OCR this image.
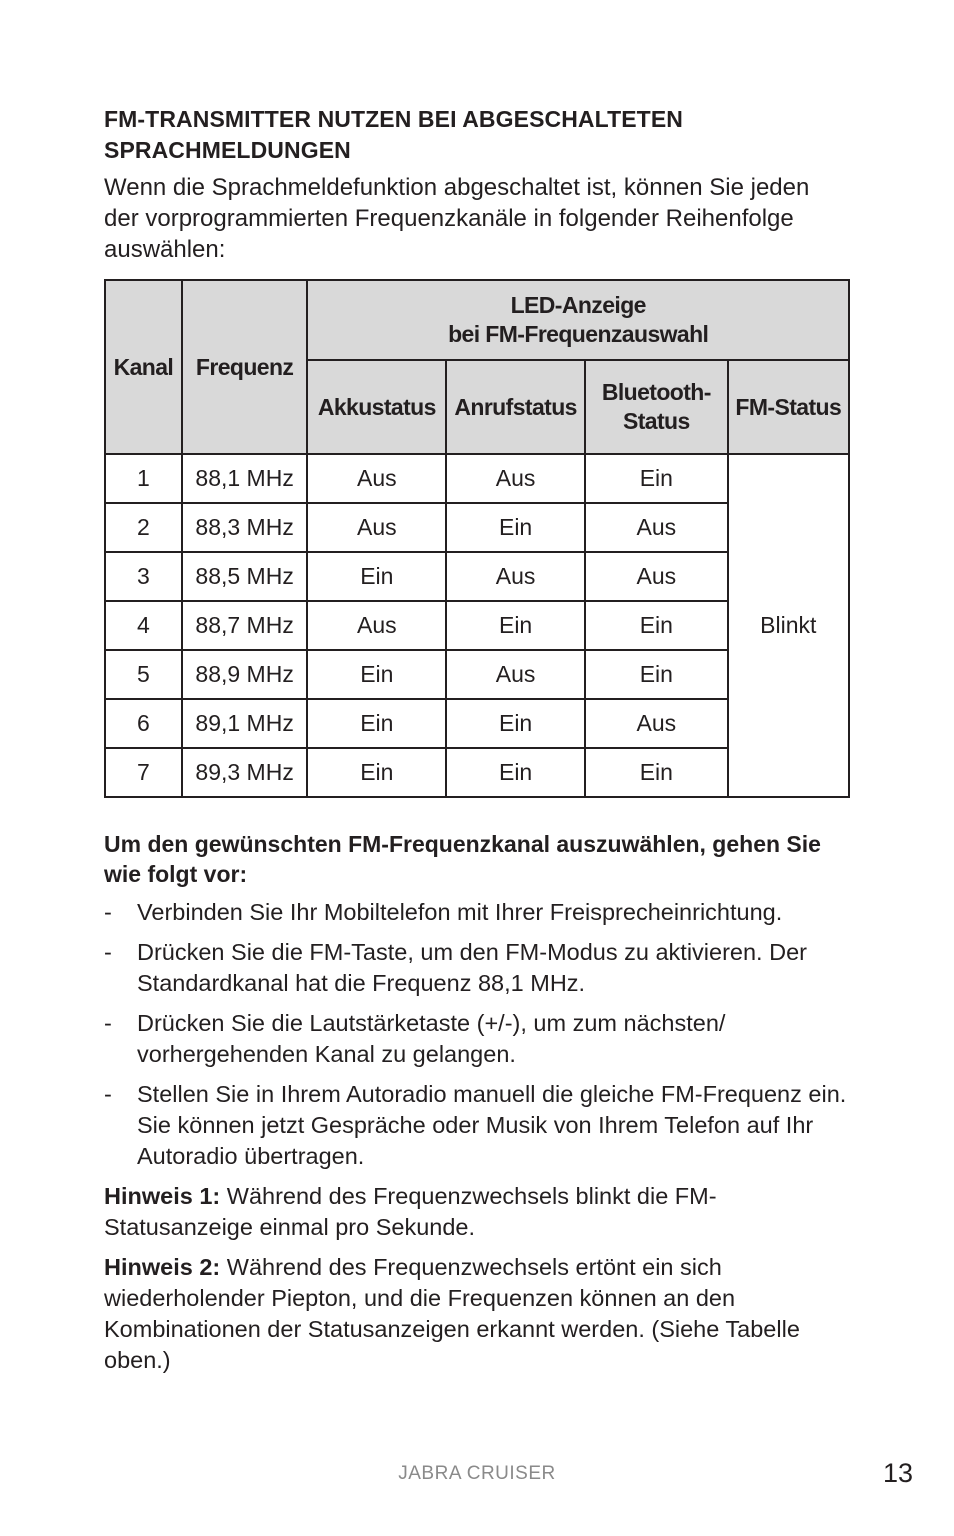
FM-TRANSMITTER NUTZEN BEI ABGESCHALTETEN SPRACHMELDUNGEN

Wenn die Sprachmeldefunktion abgeschaltet ist, können Sie jeden der vorprogrammierten Frequenzkanäle in folgender Reihenfolge auswählen:

Kanal	Frequenz	LED-Anzeige
bei FM-Frequenzauswahl			

		Akkustatus	Anrufstatus	Bluetooth-
Status	FM-Status
1	88,1 MHz	Aus	Aus	Ein	Blinkt
2	88,3 MHz	Aus	Ein	Aus	
3	88,5 MHz	Ein	Aus	Aus	
4	88,7 MHz	Aus	Ein	Ein	
5	88,9 MHz	Ein	Aus	Ein	
6	89,1 MHz	Ein	Ein	Aus	
7	89,3 MHz	Ein	Ein	Ein	

Um den gewünschten FM-Frequenzkanal auszuwählen, gehen Sie wie folgt vor:

- Verbinden Sie Ihr Mobiltelefon mit Ihrer Freisprecheinrichtung.
- Drücken Sie die FM-Taste, um den FM-Modus zu aktivieren. Der Standardkanal hat die Frequenz 88,1 MHz.
- Drücken Sie die Lautstärketaste (+/-), um zum nächsten/ vorhergehenden Kanal zu gelangen.
- Stellen Sie in Ihrem Autoradio manuell die gleiche FM-Frequenz ein. Sie können jetzt Gespräche oder Musik von Ihrem Telefon auf Ihr Autoradio übertragen.

Hinweis 1: Während des Frequenzwechsels blinkt die FM-Statusanzeige einmal pro Sekunde.

Hinweis 2: Während des Frequenzwechsels ertönt ein sich wiederholender Piepton, und die Frequenzen können an den Kombinationen der Statusanzeigen erkannt werden. (Siehe Tabelle oben.)

JABRA CRUISER	13
